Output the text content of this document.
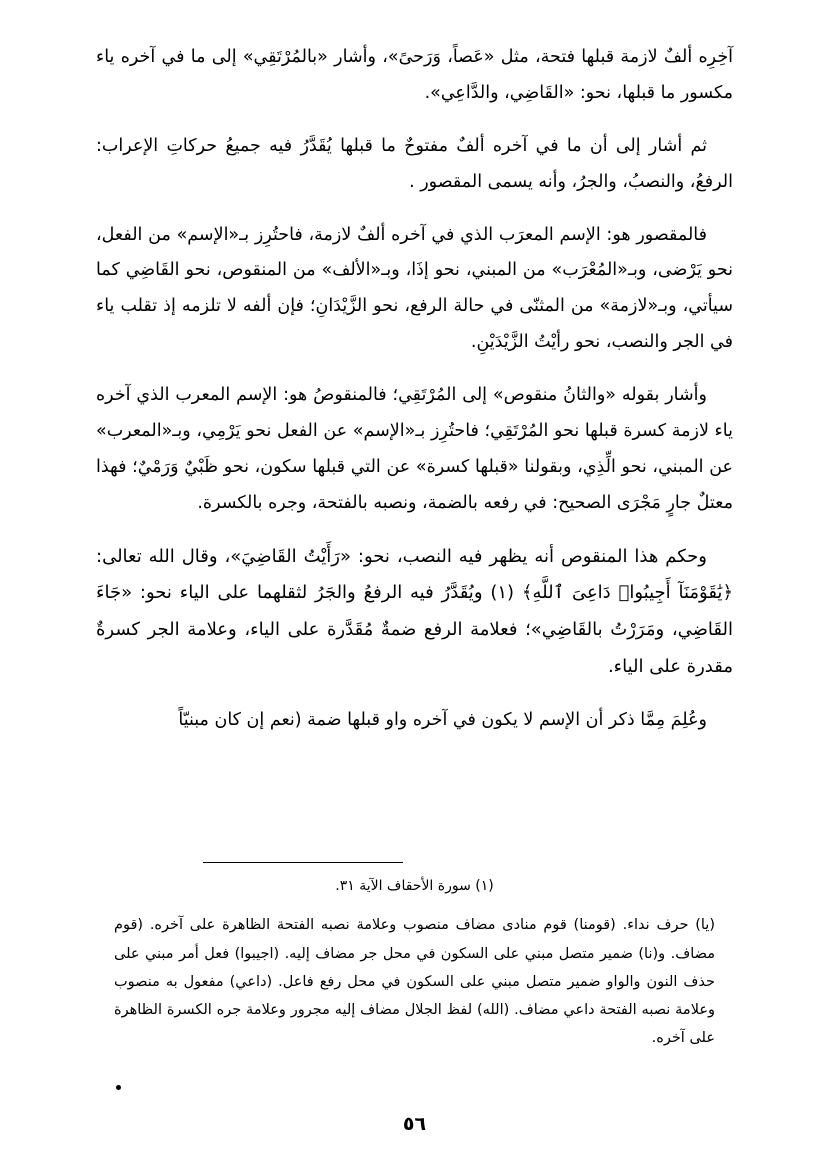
آخِرِه ألفٌ لازمة قبلها فتحة، مثل «عَصاً، وَرَحىً»، وأشار «بالمُرْتَقِي» إلى ما في آخره ياء مكسور ما قبلها، نحو: «القَاضِي، والدَّاعِي».

ثم أشار إلى أن ما في آخره ألفٌ مفتوحٌ ما قبلها يُقَدَّرُ فيه جميعُ حركاتِ الإعراب: الرفعُ، والنصبُ، والجرُ، وأنه يسمى المقصور .

فالمقصور هو: الإسم المعرَب الذي في آخره ألفٌ لازمة، فاحتُرِز بـ«الإسم» من الفعل، نحو يَرْضى، وبـ«المُعْرَب» من المبني، نحو إذَا، وبـ«الألف» من المنقوص، نحو القَاضِي كما سيأتي، وبـ«لازمة» من المثنّى في حالة الرفع، نحو الزَّيْدَانِ؛ فإن ألفه لا تلزمه إذ تقلب ياء في الجر والنصب، نحو رأيْتُ الزَّيْدَيْنِ.

وأشار بقوله «والثانُ منقوص» إلى المُرْتَقِي؛ فالمنقوصُ هو: الإسم المعرب الذي آخره ياء لازمة كسرة قبلها نحو المُرْتَقِي؛ فاحتُرِز بـ«الإسم» عن الفعل نحو يَرْمِي، وبـ«المعرب» عن المبني، نحو الِّذِي، وبقولنا «قبلها كسرة» عن التي قبلها سكون، نحو ظَبْيٌ وَرَمْيٌ؛ فهذا معتلٌ جارٍ مَجْرَى الصحيح: في رفعه بالضمة، ونصبه بالفتحة، وجره بالكسرة.

وحكم هذا المنقوص أنه يظهر فيه النصب، نحو: «رَأَيْتُ القَاضِيَ»، وقال الله تعالى: ﴿يَٰقَوْمَنَآ أَجِيبُوا۟ دَاعِىَ ٱللَّهِ﴾ (١) ويُقَدَّرُ فيه الرفعُ والجَرُ لثقلهما على الياء نحو: «جَاءَ القَاضِي، ومَرَرْتُ بالقَاضِي»؛ فعلامة الرفع ضمةٌ مُقَدَّرة على الياء، وعلامة الجر كسرةٌ مقدرة على الياء.

وعُلِمَ مِمَّا ذكر أن الإسم لا يكون في آخره واو قبلها ضمة (نعم إن كان مبنيّاً

(١) سورة الأحقاف الآية ٣١.

(يا) حرف نداء. (قومنا) قوم منادى مضاف منصوب وعلامة نصبه الفتحة الظاهرة على آخره. (قوم مضاف. و(نا) ضمير متصل مبني على السكون في محل جر مضاف إليه. (اجيبوا) فعل أمر مبني على حذف النون والواو ضمير متصل مبني على السكون في محل رفع فاعل. (داعي) مفعول به منصوب وعلامة نصبه الفتحة داعي مضاف. (الله) لفظ الجلال مضاف إليه مجرور وعلامة جره الكسرة الظاهرة على آخره.

٥٦
